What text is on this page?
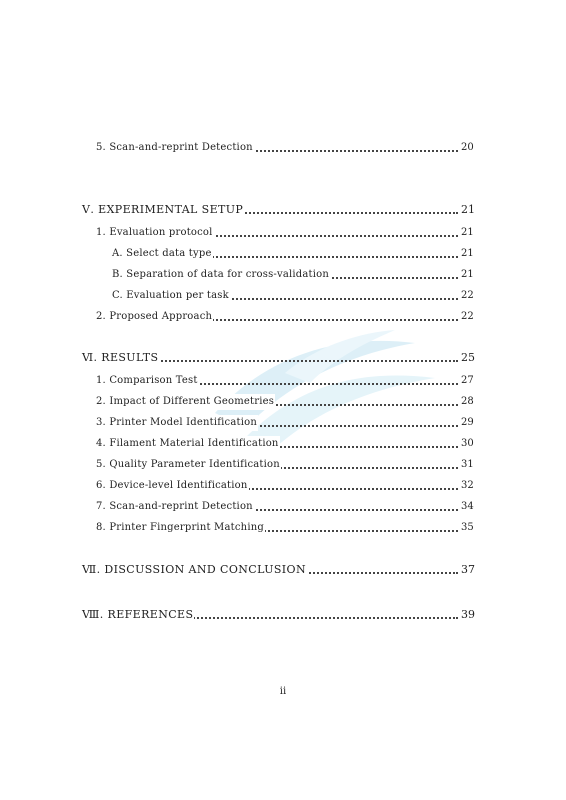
5. Scan-and-reprint Detection	20
Ⅴ. EXPERIMENTAL SETUP	21
1. Evaluation protocol	21
A. Select data type	21
B. Separation of data for cross-validation	21
C. Evaluation per task	22
2. Proposed Approach	22
Ⅵ. RESULTS	25
1. Comparison Test	27
2. Impact of Different Geometries	28
3. Printer Model Identification	29
4. Filament Material Identification	30
5. Quality Parameter Identification	31
6. Device-level Identification	32
7. Scan-and-reprint Detection	34
8. Printer Fingerprint Matching	35
Ⅶ. DISCUSSION AND CONCLUSION	37
Ⅷ. REFERENCES	39
ii
